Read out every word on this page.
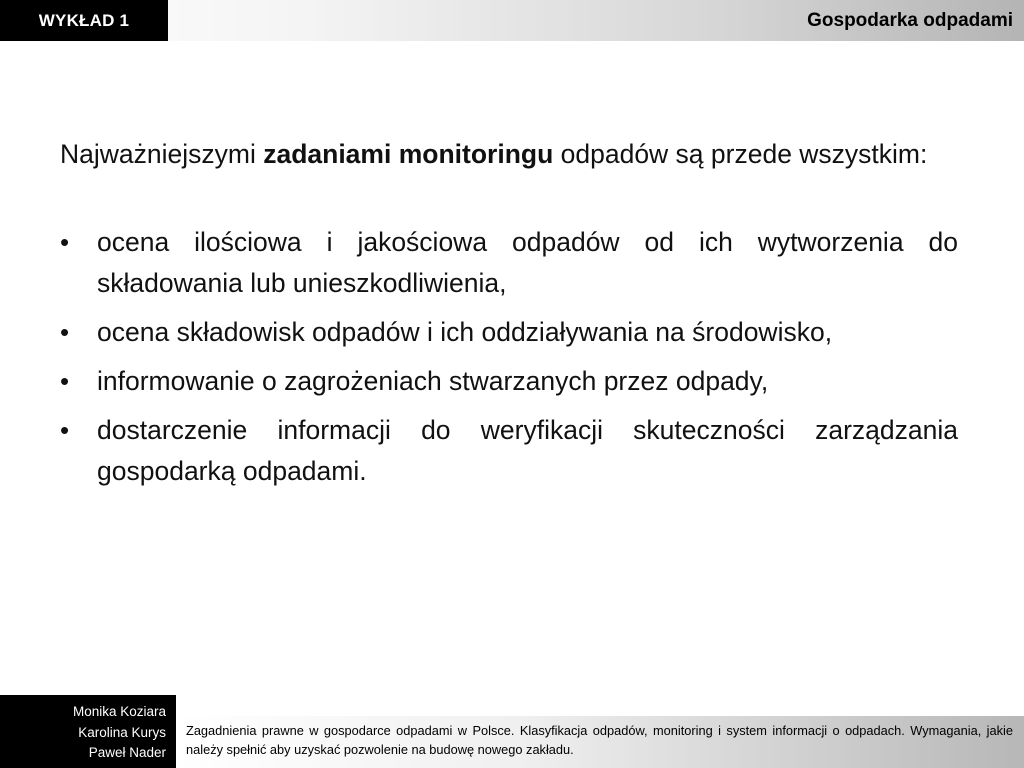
WYKŁAD 1	Gospodarka odpadami

Najważniejszymi zadaniami monitoringu odpadów są przede wszystkim:

•	ocena ilościowa i jakościowa odpadów od ich wytworzenia do składowania lub unieszkodliwienia,
•	ocena składowisk odpadów i ich oddziaływania na środowisko,
•	informowanie o zagrożeniach stwarzanych przez odpady,
•	dostarczenie informacji do weryfikacji skuteczności zarządzania gospodarką odpadami.
Monika Koziara
Karolina Kurys
Paweł Nader
Zagadnienia prawne w gospodarce odpadami w Polsce. Klasyfikacja odpadów, monitoring i system informacji o odpadach. Wymagania, jakie należy spełnić aby uzyskać pozwolenie na budowę nowego zakładu.
